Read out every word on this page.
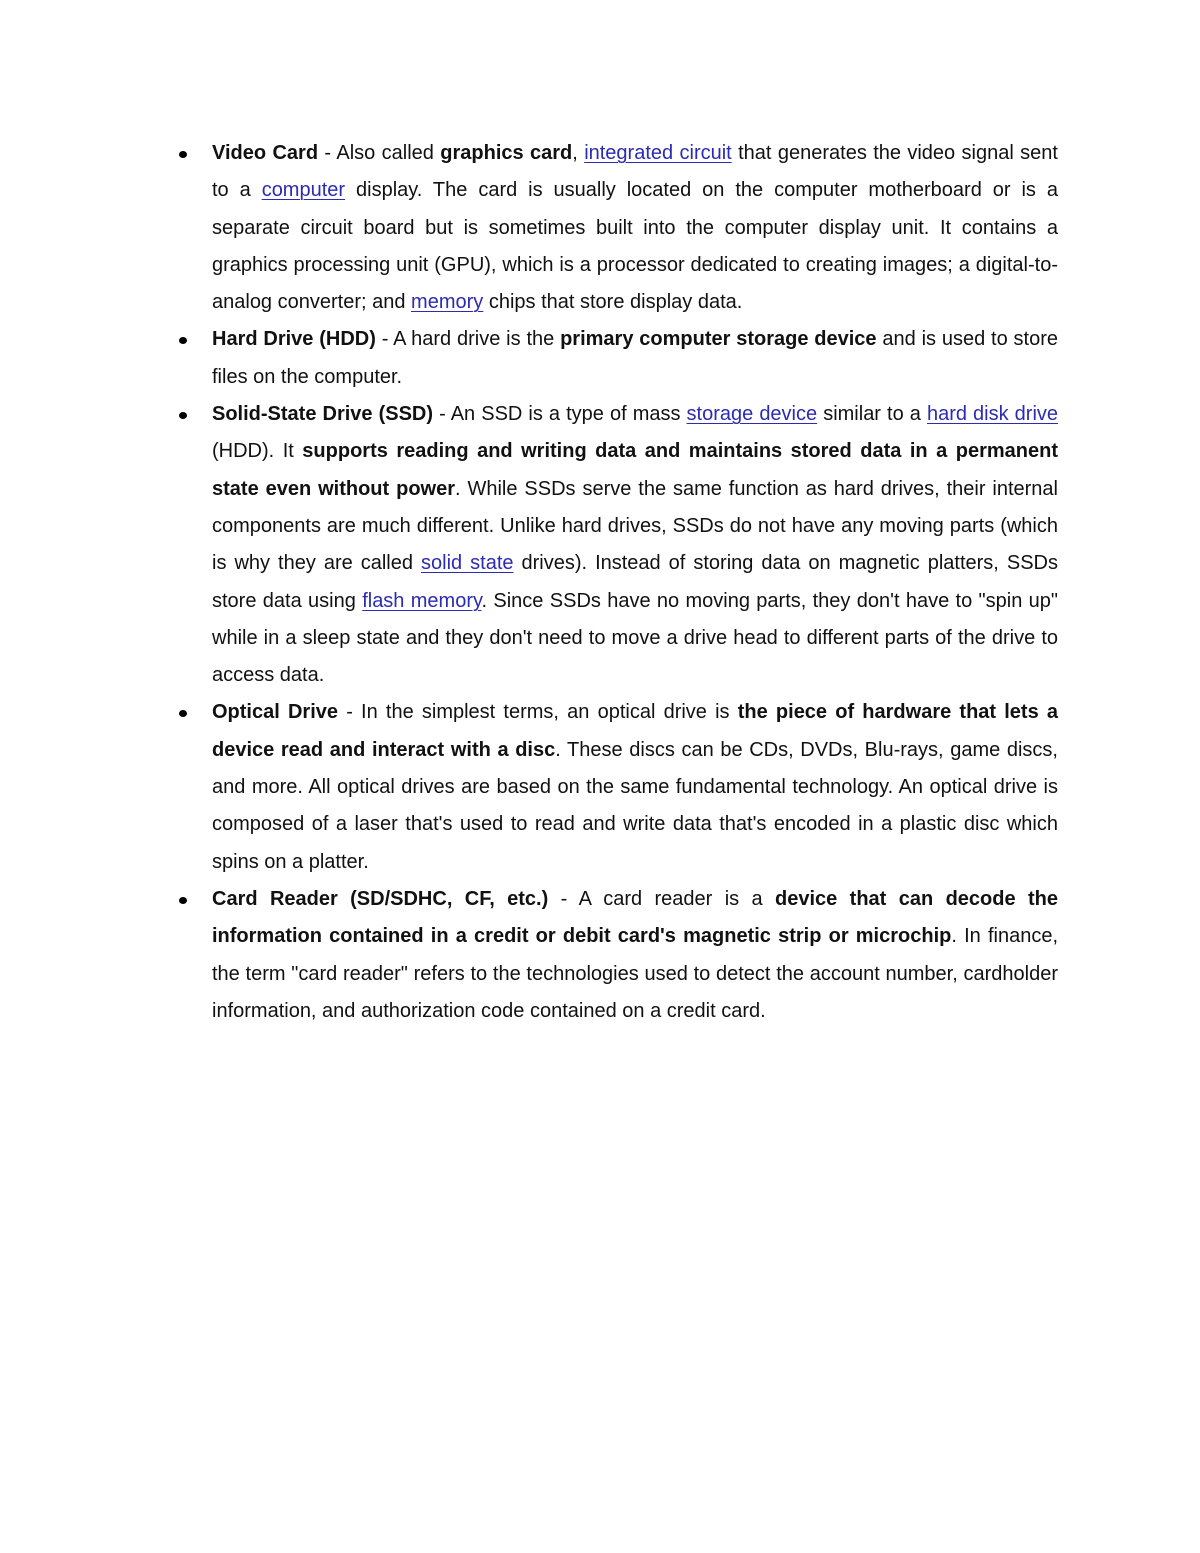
Video Card - Also called graphics card, integrated circuit that generates the video signal sent to a computer display. The card is usually located on the computer motherboard or is a separate circuit board but is sometimes built into the computer display unit. It contains a graphics processing unit (GPU), which is a processor dedicated to creating images; a digital-to-analog converter; and memory chips that store display data.
Hard Drive (HDD) - A hard drive is the primary computer storage device and is used to store files on the computer.
Solid-State Drive (SSD) - An SSD is a type of mass storage device similar to a hard disk drive (HDD). It supports reading and writing data and maintains stored data in a permanent state even without power. While SSDs serve the same function as hard drives, their internal components are much different. Unlike hard drives, SSDs do not have any moving parts (which is why they are called solid state drives). Instead of storing data on magnetic platters, SSDs store data using flash memory. Since SSDs have no moving parts, they don't have to "spin up" while in a sleep state and they don't need to move a drive head to different parts of the drive to access data.
Optical Drive - In the simplest terms, an optical drive is the piece of hardware that lets a device read and interact with a disc. These discs can be CDs, DVDs, Blu-rays, game discs, and more. All optical drives are based on the same fundamental technology. An optical drive is composed of a laser that's used to read and write data that's encoded in a plastic disc which spins on a platter.
Card Reader (SD/SDHC, CF, etc.) - A card reader is a device that can decode the information contained in a credit or debit card's magnetic strip or microchip. In finance, the term "card reader" refers to the technologies used to detect the account number, cardholder information, and authorization code contained on a credit card.
